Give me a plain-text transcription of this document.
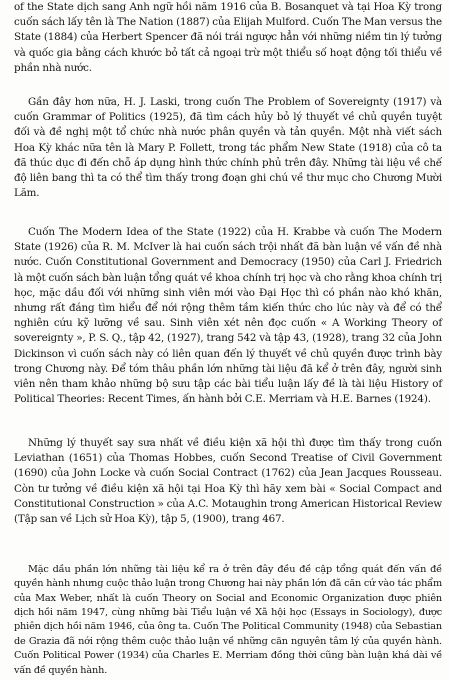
of the State dịch sang Anh ngữ hồi năm 1916 của B. Bosanquet và tại Hoa Kỳ trong cuốn sách lấy tên là The Nation (1887) của Elijah Mulford. Cuốn The Man versus the State (1884) của Herbert Spencer đã nói trái ngược hẳn với những niềm tin lý tưởng và quốc gia bằng cách khước bỏ tất cả ngoại trừ một thiểu số hoạt động tối thiểu về phần nhà nước.

Gần đây hơn nữa, H. J. Laski, trong cuốn The Problem of Sovereignty (1917) và cuốn Grammar of Politics (1925), đã tìm cách hủy bỏ lý thuyết về chủ quyền tuyệt đối và đề nghị một tổ chức nhà nước phân quyền và tản quyền. Một nhà viết sách Hoa Kỳ khác nữa tên là Mary P. Follett, trong tác phẩm New State (1918) của cô ta đã thúc dục đi đến chỗ áp dụng hình thức chính phủ trên đây. Những tài liệu về chế độ liên bang thì ta có thể tìm thấy trong đoạn ghi chú về thư mục cho Chương Mười Lăm.

Cuốn The Modern Idea of the State (1922) của H. Krabbe và cuốn The Modern State (1926) của R. M. McIver là hai cuốn sách trội nhất đã bàn luận về vấn đề nhà nước. Cuốn Constitutional Government and Democracy (1950) của Carl J. Friedrich là một cuốn sách bàn luận tổng quát về khoa chính trị học và cho rằng khoa chính trị học, mặc dầu đối với những sinh viên mới vào Đại Học thì có phần nào khó khăn, nhưng rất đáng tìm hiểu để nới rộng thêm tầm kiến thức cho lúc này và để có thể nghiên cứu kỹ lưỡng về sau. Sinh viên xét nên đọc cuốn « A Working Theory of sovereignty », P. S. Q., tập 42, (1927), trang 542 và tập 43, (1928), trang 32 của John Dickinson vì cuốn sách này có liên quan đến lý thuyết về chủ quyền được trình bày trong Chương này. Để tóm thâu phần lớn những tài liệu đã kể ở trên đây, người sinh viên nên tham khảo những bộ sưu tập các bài tiểu luận lấy đề là tài liệu History of Political Theories: Recent Times, ấn hành bởi C.E. Merriam và H.E. Barnes (1924).

Những lý thuyết say sưa nhất về điều kiện xã hội thì được tìm thấy trong cuốn Leviathan (1651) của Thomas Hobbes, cuốn Second Treatise of Civil Government (1690) của John Locke và cuốn Social Contract (1762) của Jean Jacques Rousseau. Còn tư tưởng về điều kiện xã hội tại Hoa Kỳ thì hãy xem bài « Social Compact and Constitutional Construction » của A.C. Motaughin trong American Historical Review (Tập san về Lịch sử Hoa Kỳ), tập 5, (1900), trang 467.

Mặc dầu phần lớn những tài liệu kể ra ở trên đây đều đề cập tổng quát đến vấn đề quyền hành nhưng cuộc thảo luận trong Chương hai này phần lớn đã căn cứ vào tác phẩm của Max Weber, nhất là cuốn Theory on Social and Economic Organization được phiên dịch hồi năm 1947, cùng những bài Tiểu luận về Xã hội học (Essays in Sociology), được phiên dịch hồi năm 1946, của ông ta. Cuốn The Political Community (1948) của Sebastian de Grazia đã nới rộng thêm cuộc thảo luận về những căn nguyên tâm lý của quyền hành. Cuốn Political Power (1934) của Charles E. Merriam đồng thời cũng bàn luận khá dài về vấn đề quyền hành.
